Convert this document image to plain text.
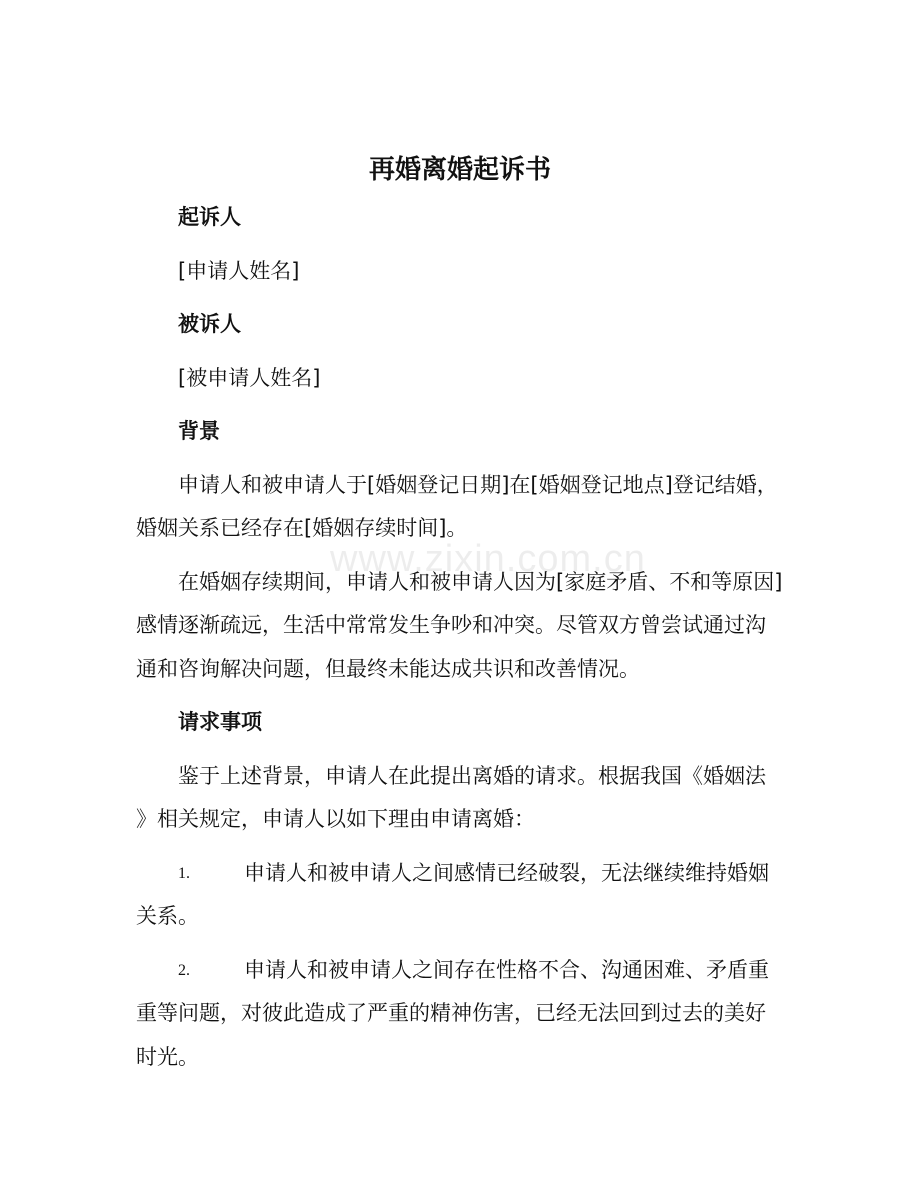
www.zixin.com.cn
再婚离婚起诉书
起诉人
[申请人姓名]
被诉人
[被申请人姓名]
背景
申请人和被申请人于[婚姻登记日期]在[婚姻登记地点]登记结婚，
婚姻关系已经存在[婚姻存续时间]。
在婚姻存续期间，申请人和被申请人因为[家庭矛盾、不和等原因]
感情逐渐疏远，生活中常常发生争吵和冲突。尽管双方曾尝试通过沟
通和咨询解决问题，但最终未能达成共识和改善情况。
请求事项
鉴于上述背景，申请人在此提出离婚的请求。根据我国《婚姻法
》相关规定，申请人以如下理由申请离婚：
1.	申请人和被申请人之间感情已经破裂，无法继续维持婚姻
关系。
2.	申请人和被申请人之间存在性格不合、沟通困难、矛盾重
重等问题，对彼此造成了严重的精神伤害，已经无法回到过去的美好
时光。
